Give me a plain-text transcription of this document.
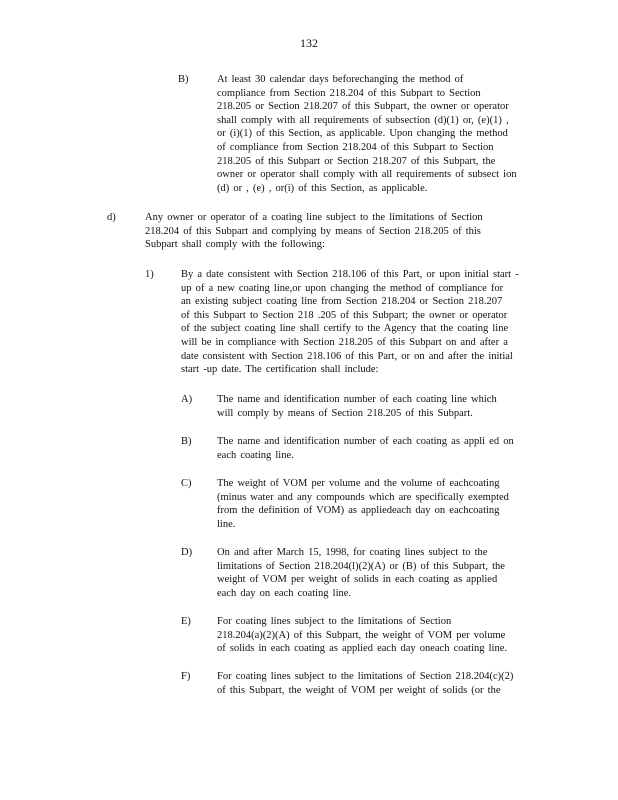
132
B)	At least 30 calendar days beforechanging the method of
compliance from Section 218.204 of this Subpart to Section
218.205 or Section 218.207 of this Subpart, the owner or operator
shall comply with all requirements of subsection (d)(1) or, (e)(1) ,
or (i)(1) of this Section, as applicable. Upon changing the method
of compliance from Section 218.204 of this Subpart to Section
218.205 of this Subpart or Section 218.207 of this Subpart, the
owner or operator shall comply with all requirements of subsect ion
(d) or , (e) , or(i) of this Section, as applicable.
d)	Any owner or operator of a coating line subject to the limitations of Section
218.204 of this Subpart and complying by means of Section 218.205 of this
Subpart shall comply with the following:
1)	By a date consistent with Section 218.106 of this Part, or upon initial start -
up of a new coating line,or upon changing the method of compliance for
an existing subject coating line from Section 218.204 or Section 218.207
of this Subpart to Section 218 .205 of this Subpart; the owner or operator
of the subject coating line shall certify to the Agency that the coating line
will be in compliance with Section 218.205 of this Subpart on and after a
date consistent with Section 218.106 of this Part, or on and after the initial
start -up date. The certification shall include:
A) The name and identification number of each coating line which
will comply by means of Section 218.205 of this Subpart.
B) The name and identification number of each coating as appli ed on
each coating line.
C) The weight of VOM per volume and the volume of eachcoating
(minus water and any compounds which are specifically exempted
from the definition of VOM) as appliedeach day on eachcoating
line.
D) On and after March 15, 1998, for coating lines subject to the
limitations of Section 218.204(l)(2)(A) or (B) of this Subpart, the
weight of VOM per weight of solids in each coating as applied
each day on each coating line.
E) For coating lines subject to the limitations of Section
218.204(a)(2)(A) of this Subpart, the weight of VOM per volume
of solids in each coating as applied each day oneach coating line.
F)	For coating lines subject to the limitations of Section 218.204(c)(2)
of this Subpart, the weight of VOM per weight of solids (or the
